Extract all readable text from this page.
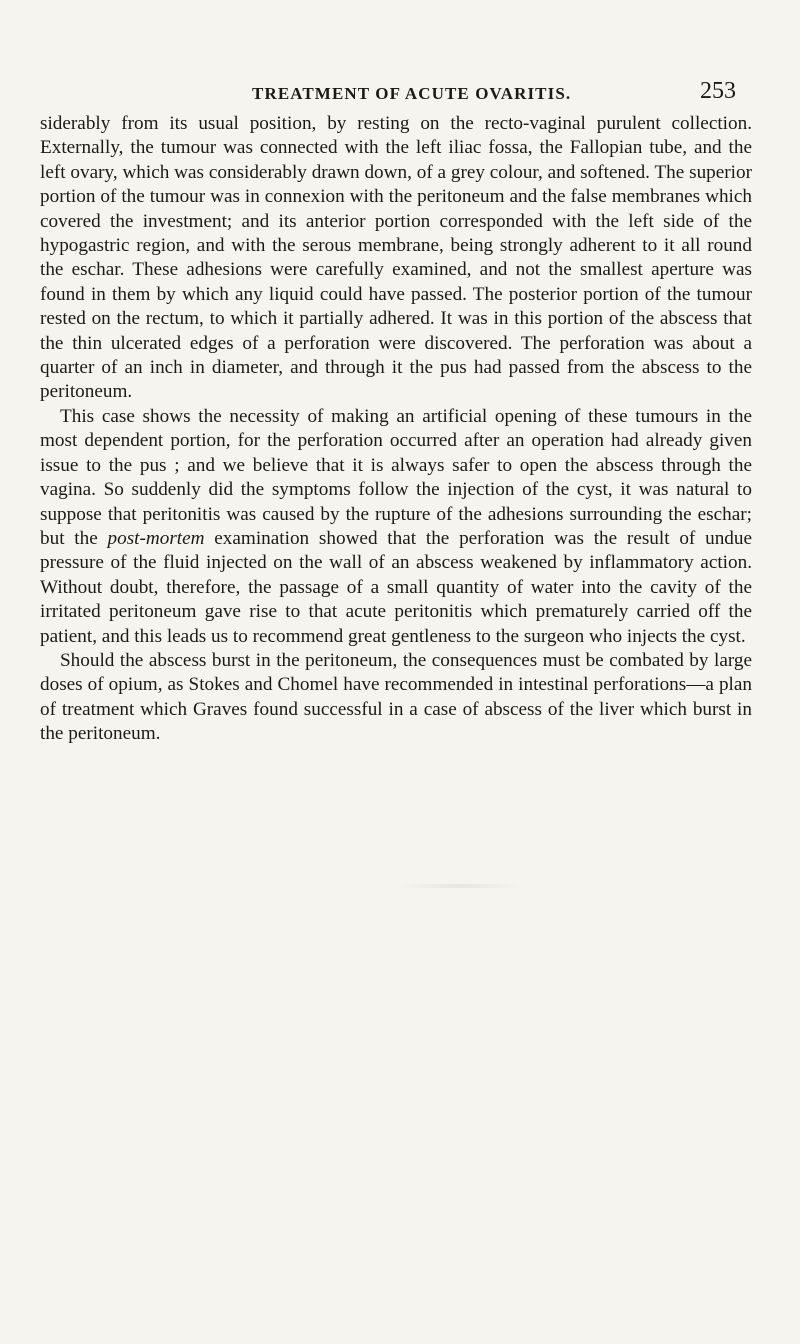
TREATMENT OF ACUTE OVARITIS.	253

siderably from its usual position, by resting on the recto-vaginal purulent collection. Externally, the tumour was connected with the left iliac fossa, the Fallopian tube, and the left ovary, which was considerably drawn down, of a grey colour, and softened. The superior portion of the tumour was in connexion with the peritoneum and the false membranes which covered the investment; and its anterior portion corresponded with the left side of the hypogastric region, and with the serous membrane, being strongly adherent to it all round the eschar. These adhesions were carefully examined, and not the smallest aperture was found in them by which any liquid could have passed. The posterior portion of the tumour rested on the rectum, to which it partially adhered. It was in this portion of the abscess that the thin ulcerated edges of a perforation were discovered. The perforation was about a quarter of an inch in diameter, and through it the pus had passed from the abscess to the peritoneum.

This case shows the necessity of making an artificial opening of these tumours in the most dependent portion, for the perforation occurred after an operation had already given issue to the pus ; and we believe that it is always safer to open the abscess through the vagina. So suddenly did the symptoms follow the injection of the cyst, it was natural to suppose that peritonitis was caused by the rupture of the adhesions surrounding the eschar; but the post-mortem examination showed that the perforation was the result of undue pressure of the fluid injected on the wall of an abscess weakened by inflammatory action. Without doubt, therefore, the passage of a small quantity of water into the cavity of the irritated peritoneum gave rise to that acute peritonitis which prematurely carried off the patient, and this leads us to recommend great gentleness to the surgeon who injects the cyst.

Should the abscess burst in the peritoneum, the consequences must be combated by large doses of opium, as Stokes and Chomel have recommended in intestinal perforations—a plan of treatment which Graves found successful in a case of abscess of the liver which burst in the peritoneum.
